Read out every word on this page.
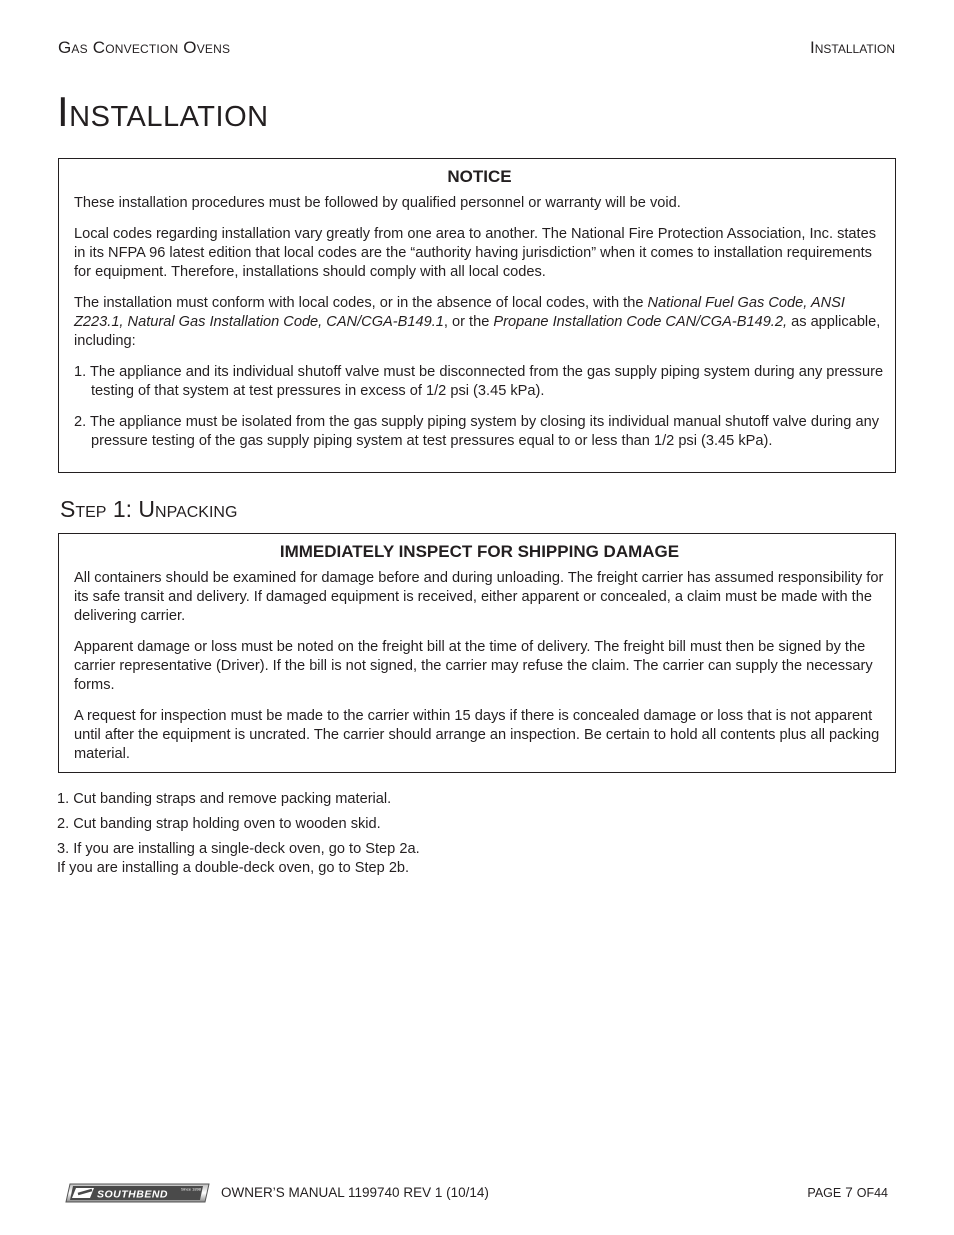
Gas Convection Ovens	Installation
Installation
NOTICE

These installation procedures must be followed by qualified personnel or warranty will be void.

Local codes regarding installation vary greatly from one area to another. The National Fire Protection Association, Inc. states in its NFPA 96 latest edition that local codes are the “authority having jurisdiction” when it comes to installation requirements for equipment. Therefore, installations should comply with all local codes.

The installation must conform with local codes, or in the absence of local codes, with the National Fuel Gas Code, ANSI Z223.1, Natural Gas Installation Code, CAN/CGA-B149.1, or the Propane Installation Code CAN/CGA-B149.2, as applicable, including:

1. The appliance and its individual shutoff valve must be disconnected from the gas supply piping system during any pressure testing of that system at test pressures in excess of 1/2 psi (3.45 kPa).
2. The appliance must be isolated from the gas supply piping system by closing its individual manual shutoff valve during any pressure testing of the gas supply piping system at test pressures equal to or less than 1/2 psi (3.45 kPa).
Step 1: Unpacking
IMMEDIATELY INSPECT FOR SHIPPING DAMAGE

All containers should be examined for damage before and during unloading. The freight carrier has assumed responsibility for its safe transit and delivery. If damaged equipment is received, either apparent or concealed, a claim must be made with the delivering carrier.

Apparent damage or loss must be noted on the freight bill at the time of delivery. The freight bill must then be signed by the carrier representative (Driver). If the bill is not signed, the carrier may refuse the claim. The carrier can supply the necessary forms.

A request for inspection must be made to the carrier within 15 days if there is concealed damage or loss that is not apparent until after the equipment is uncrated. The carrier should arrange an inspection. Be certain to hold all contents plus all packing material.

1. Cut banding straps and remove packing material.
2. Cut banding strap holding oven to wooden skid.
3. If you are installing a single-deck oven, go to Step 2a.
If you are installing a double-deck oven, go to Step 2b.
SOUTHBEND	Since 1898 OWNER’S MANUAL 1199740 REV 1 (10/14)	PAGE 7 OF44
